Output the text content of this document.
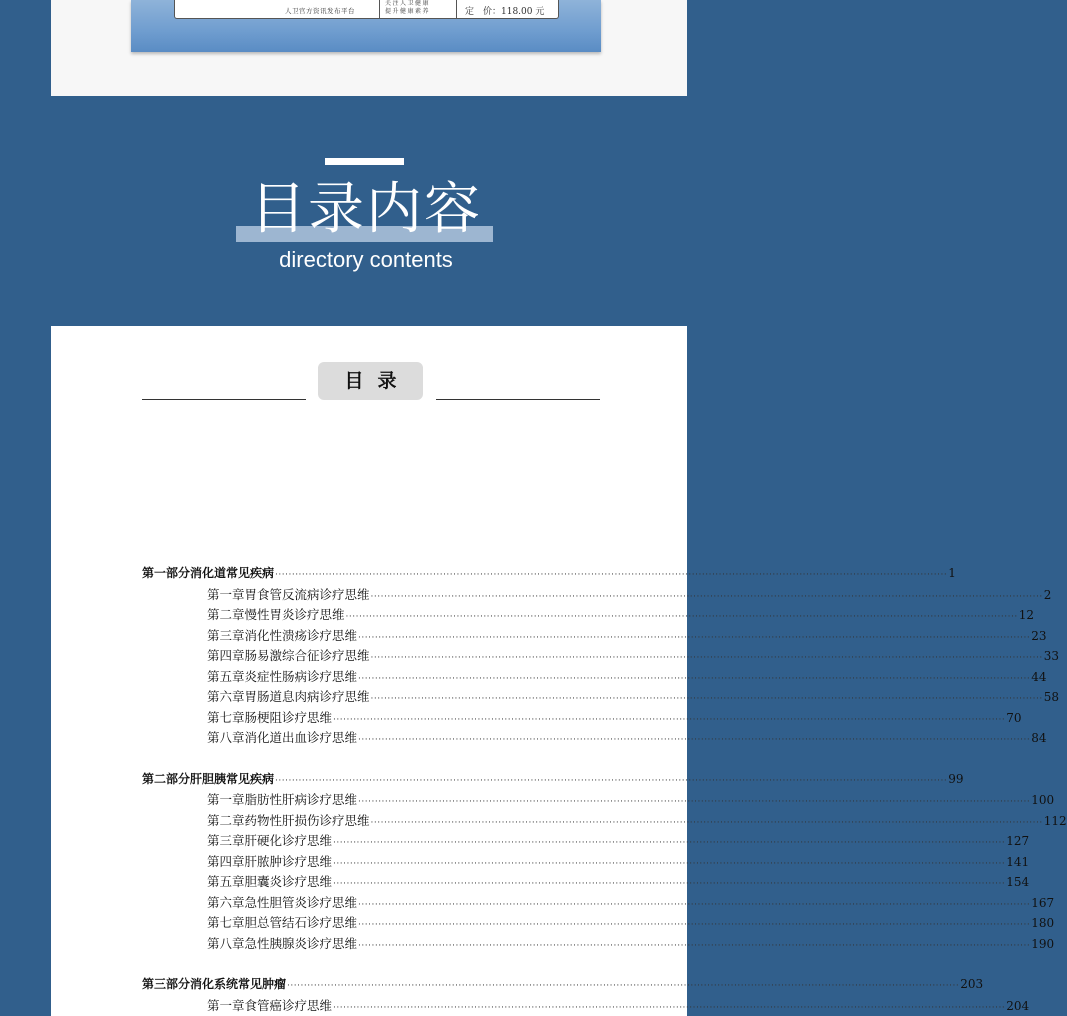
人卫官方资讯发布平台
关注人卫健康
提升健康素养	定　价：118.00 元
目录内容
directory contents
目录
第一部分 消化道常见疾病 ········································································································································································································ 1
第一章 胃食管反流病诊疗思维 ········································································································································································································ 2
第二章 慢性胃炎诊疗思维 ········································································································································································································ 12
第三章 消化性溃疡诊疗思维 ········································································································································································································ 23
第四章 肠易激综合征诊疗思维 ········································································································································································································ 33
第五章 炎症性肠病诊疗思维 ········································································································································································································ 44
第六章 胃肠道息肉病诊疗思维 ········································································································································································································ 58
第七章 肠梗阻诊疗思维 ········································································································································································································ 70
第八章 消化道出血诊疗思维 ········································································································································································································ 84
第二部分 肝胆胰常见疾病 ········································································································································································································ 99
第一章 脂肪性肝病诊疗思维 ········································································································································································································ 100
第二章 药物性肝损伤诊疗思维 ········································································································································································································ 112
第三章 肝硬化诊疗思维 ········································································································································································································ 127
第四章 肝脓肿诊疗思维 ········································································································································································································ 141
第五章 胆囊炎诊疗思维 ········································································································································································································ 154
第六章 急性胆管炎诊疗思维 ········································································································································································································ 167
第七章 胆总管结石诊疗思维 ········································································································································································································ 180
第八章 急性胰腺炎诊疗思维 ········································································································································································································ 190
第三部分 消化系统常见肿瘤 ········································································································································································································ 203
第一章 食管癌诊疗思维 ········································································································································································································ 204
